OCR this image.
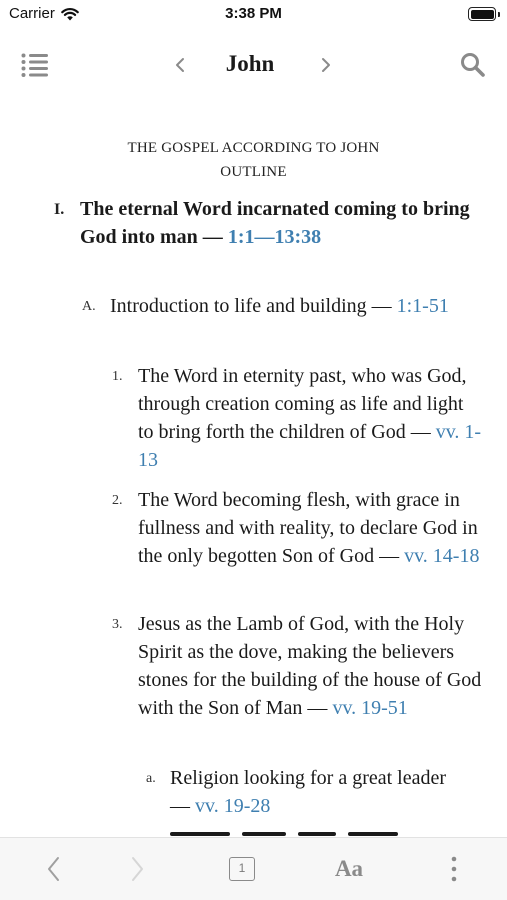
Carrier	3:38 PM
John
THE GOSPEL ACCORDING TO JOHN
OUTLINE
I. The eternal Word incarnated coming to bring God into man — 1:1—13:38
A. Introduction to life and building — 1:1-51
1. The Word in eternity past, who was God, through creation coming as life and light to bring forth the children of God — vv. 1-13
2. The Word becoming flesh, with grace in fullness and with reality, to declare God in the only begotten Son of God — vv. 14-18
3. Jesus as the Lamb of God, with the Holy Spirit as the dove, making the believers stones for the building of the house of God with the Son of Man — vv. 19-51
a. Religion looking for a great leader — vv. 19-28
1	Aa
